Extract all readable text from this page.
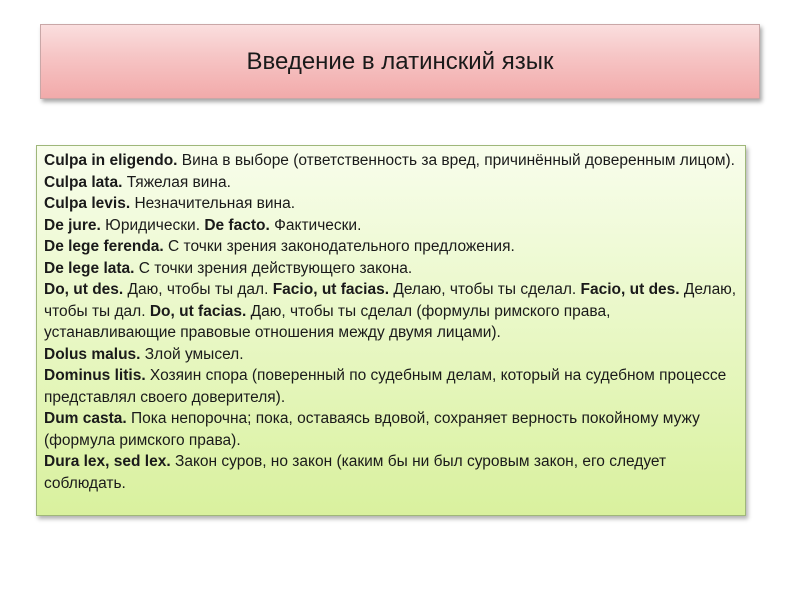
Введение в латинский язык

Culpa in eligendo. Вина в выборе (ответственность за вред, причинённый доверенным лицом).

Culpa lata. Тяжелая вина.

Culpa levis. Незначительная вина.

De jure. Юридически. De facto. Фактически.

De lege ferenda. С точки зрения законодательного предложения.

De lege lata. С точки зрения действующего закона.

Do, ut des. Даю, чтобы ты дал. Facio, ut facias. Делаю, чтобы ты сделал. Facio, ut des. Делаю, чтобы ты дал. Do, ut facias. Даю, чтобы ты сделал (формулы римского права, устанавливающие правовые отношения между двумя лицами).

Dolus malus. Злой умысел.

Dominus litis. Хозяин спора (поверенный по судебным делам, который на судебном процессе представлял своего доверителя).

Dum casta. Пока непорочна; пока, оставаясь вдовой, сохраняет верность покойному мужу (формула римского права).

Dura lex, sed lex. Закон суров, но закон (каким бы ни был суровым закон, его следует соблюдать.
